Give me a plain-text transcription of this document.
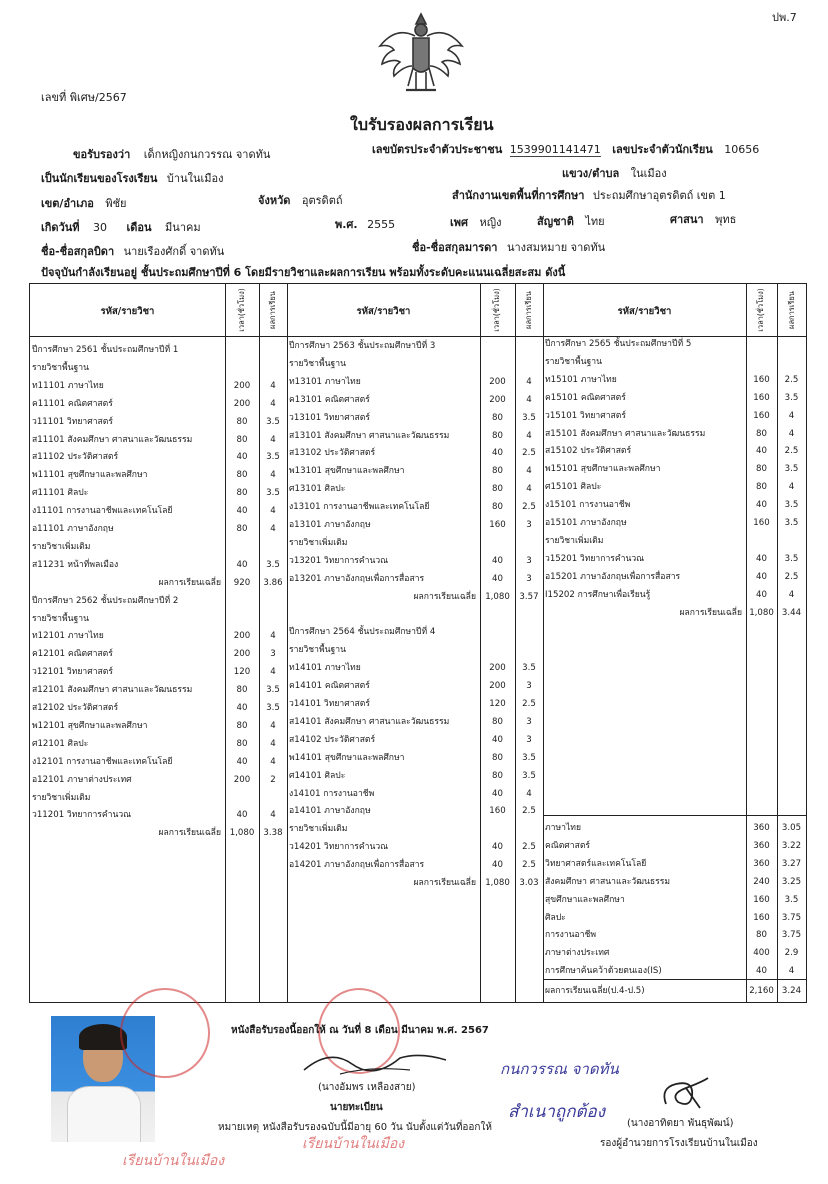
ปพ.7
เลขที่ พิเศษ/2567
ใบรับรองผลการเรียน
ขอรับรองว่า เด็กหญิงกนกวรรณ จาดทัน	เลขบัตรประจำตัวประชาชน 1539901141471 เลขประจำตัวนักเรียน 10656
เป็นนักเรียนของโรงเรียน บ้านในเมือง	แขวง/ตำบล ในเมือง
เขต/อำเภอ พิชัย	จังหวัด อุตรดิตถ์	สำนักงานเขตพื้นที่การศึกษา ประถมศึกษาอุตรดิตถ์ เขต 1
เกิดวันที่ 30 เดือน มีนาคม	พ.ศ. 2555	เพศ หญิง	สัญชาติ ไทย	ศาสนา พุทธ
ชื่อ-ชื่อสกุลบิดา นายเรืองศักดิ์ จาดทัน	ชื่อ-ชื่อสกุลมารดา นางสมหมาย จาดทัน
ปัจจุบันกำลังเรียนอยู่ ชั้นประถมศึกษาปีที่ 6 โดยมีรายวิชาและผลการเรียน พร้อมทั้งระดับคะแนนเฉลี่ยสะสม ดังนี้
รหัส/รายวิชา	รหัส/รายวิชา	รหัส/รายวิชา
เวลา(ชั่วโมง)	ผลการเรียน	เวลา(ชั่วโมง)	ผลการเรียน	เวลา(ชั่วโมง)	ผลการเรียน
ปีการศึกษา 2561 ชั้นประถมศึกษาปีที่ 1
รายวิชาพื้นฐาน
ท11101 ภาษาไทย	200	4
ค11101 คณิตศาสตร์	200	4
ว11101 วิทยาศาสตร์	80	3.5
ส11101 สังคมศึกษา ศาสนาและวัฒนธรรม	80	4
ส11102 ประวัติศาสตร์	40	3.5
พ11101 สุขศึกษาและพลศึกษา	80	4
ศ11101 ศิลปะ	80	3.5
ง11101 การงานอาชีพและเทคโนโลยี	40	4
อ11101 ภาษาอังกฤษ	80	4
รายวิชาเพิ่มเติม
ส11231 หน้าที่พลเมือง	40	3.5
ผลการเรียนเฉลี่ย	920	3.86
ปีการศึกษา 2562 ชั้นประถมศึกษาปีที่ 2
รายวิชาพื้นฐาน
ท12101 ภาษาไทย	200	4
ค12101 คณิตศาสตร์	200	3
ว12101 วิทยาศาสตร์	120	4
ส12101 สังคมศึกษา ศาสนาและวัฒนธรรม	80	3.5
ส12102 ประวัติศาสตร์	40	3.5
พ12101 สุขศึกษาและพลศึกษา	80	4
ศ12101 ศิลปะ	80	4
ง12101 การงานอาชีพและเทคโนโลยี	40	4
อ12101 ภาษาต่างประเทศ	200	2
รายวิชาเพิ่มเติม
ว11201 วิทยาการคำนวณ	40	4
ผลการเรียนเฉลี่ย	1,080	3.38
ปีการศึกษา 2563 ชั้นประถมศึกษาปีที่ 3
รายวิชาพื้นฐาน
ท13101 ภาษาไทย	200	4
ค13101 คณิตศาสตร์	200	4
ว13101 วิทยาศาสตร์	80	3.5
ส13101 สังคมศึกษา ศาสนาและวัฒนธรรม	80	4
ส13102 ประวัติศาสตร์	40	2.5
พ13101 สุขศึกษาและพลศึกษา	80	4
ศ13101 ศิลปะ	80	4
ง13101 การงานอาชีพและเทคโนโลยี	80	2.5
อ13101 ภาษาอังกฤษ	160	3
รายวิชาเพิ่มเติม
ว13201 วิทยาการคำนวณ	40	3
อ13201 ภาษาอังกฤษเพื่อการสื่อสาร	40	3
ผลการเรียนเฉลี่ย	1,080	3.57
ปีการศึกษา 2564 ชั้นประถมศึกษาปีที่ 4
รายวิชาพื้นฐาน
ท14101 ภาษาไทย	200	3.5
ค14101 คณิตศาสตร์	200	3
ว14101 วิทยาศาสตร์	120	2.5
ส14101 สังคมศึกษา ศาสนาและวัฒนธรรม	80	3
ส14102 ประวัติศาสตร์	40	3
พ14101 สุขศึกษาและพลศึกษา	80	3.5
ศ14101 ศิลปะ	80	3.5
ง14101 การงานอาชีพ	40	4
อ14101 ภาษาอังกฤษ	160	2.5
รายวิชาเพิ่มเติม
ว14201 วิทยาการคำนวณ	40	2.5
อ14201 ภาษาอังกฤษเพื่อการสื่อสาร	40	2.5
ผลการเรียนเฉลี่ย	1,080	3.03
ปีการศึกษา 2565 ชั้นประถมศึกษาปีที่ 5
รายวิชาพื้นฐาน
ท15101 ภาษาไทย	160	2.5
ค15101 คณิตศาสตร์	160	3.5
ว15101 วิทยาศาสตร์	160	4
ส15101 สังคมศึกษา ศาสนาและวัฒนธรรม	80	4
ส15102 ประวัติศาสตร์	40	2.5
พ15101 สุขศึกษาและพลศึกษา	80	3.5
ศ15101 ศิลปะ	80	4
ง15101 การงานอาชีพ	40	3.5
อ15101 ภาษาอังกฤษ	160	3.5
รายวิชาเพิ่มเติม
ว15201 วิทยาการคำนวณ	40	3.5
อ15201 ภาษาอังกฤษเพื่อการสื่อสาร	40	2.5
I15202 การศึกษาเพื่อเรียนรู้	40	4
ผลการเรียนเฉลี่ย 1,080 3.44
ภาษาไทย	360	3.05
คณิตศาสตร์	360	3.22
วิทยาศาสตร์และเทคโนโลยี	360	3.27
สังคมศึกษา ศาสนาและวัฒนธรรม	240	3.25
สุขศึกษาและพลศึกษา	160	3.5
ศิลปะ	160	3.75
การงานอาชีพ	80	3.75
ภาษาต่างประเทศ	400	2.9
การศึกษาค้นคว้าด้วยตนเอง(IS)	40	4
ผลการเรียนเฉลี่ย(ป.4-ป.5)	2,160 3.24
เรียนบ้านในเมือง
เรียนบ้านในเมือง
หนังสือรับรองนี้ออกให้ ณ วันที่ 8 เดือน มีนาคม พ.ศ. 2567
(นางอัมพร เหลืองสาย)
นายทะเบียน
หมายเหตุ หนังสือรับรองฉบับนี้มีอายุ 60 วัน นับตั้งแต่วันที่ออกให้
กนกวรรณ จาดทัน
สำเนาถูกต้อง
(นางอาทิตยา พันธุพัฒน์)
รองผู้อำนวยการโรงเรียนบ้านในเมือง
